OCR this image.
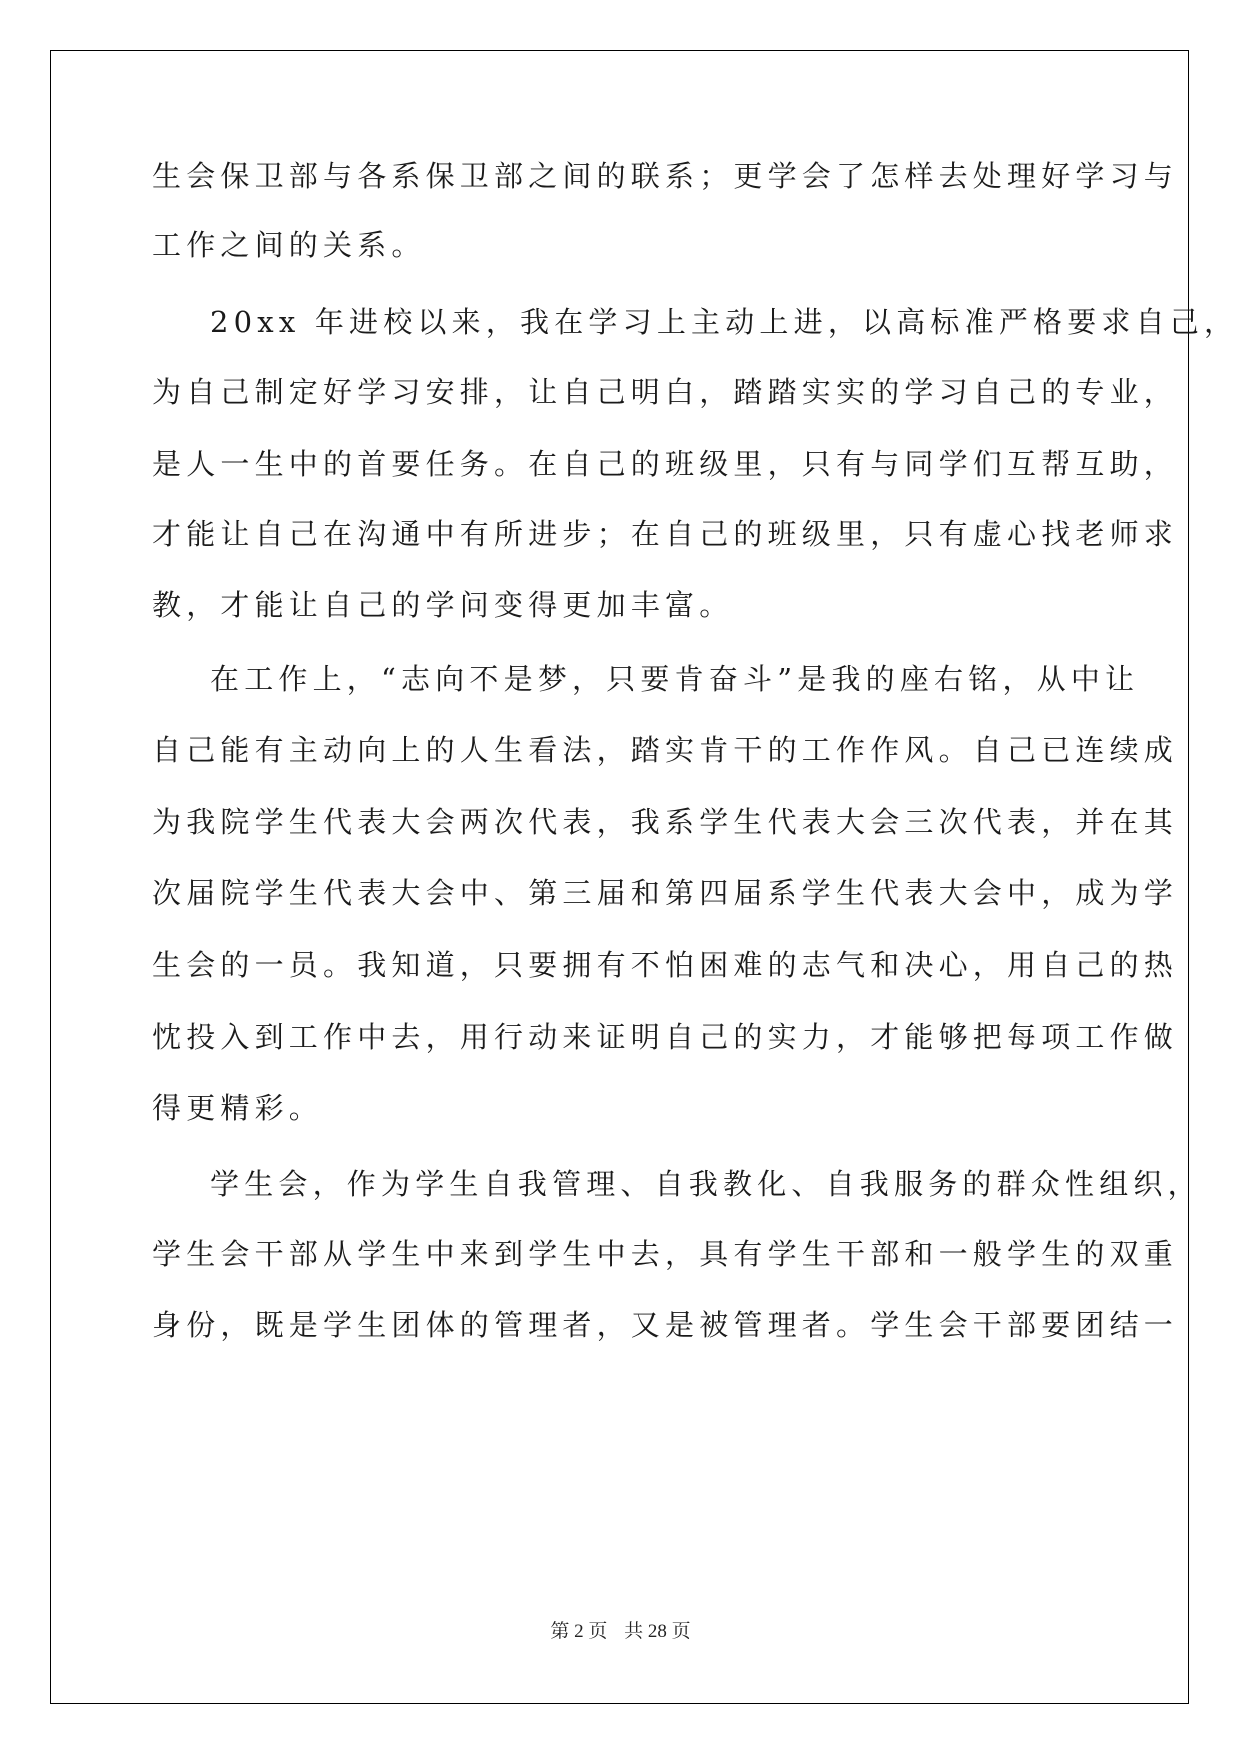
生会保卫部与各系保卫部之间的联系；更学会了怎样去处理好学习与
工作之间的关系。
20xx 年进校以来，我在学习上主动上进，以高标准严格要求自己，
为自己制定好学习安排，让自己明白，踏踏实实的学习自己的专业，
是人一生中的首要任务。在自己的班级里，只有与同学们互帮互助，
才能让自己在沟通中有所进步；在自己的班级里，只有虚心找老师求
教，才能让自己的学问变得更加丰富。
在工作上，“志向不是梦，只要肯奋斗”是我的座右铭，从中让
自己能有主动向上的人生看法，踏实肯干的工作作风。自己已连续成
为我院学生代表大会两次代表，我系学生代表大会三次代表，并在其
次届院学生代表大会中、第三届和第四届系学生代表大会中，成为学
生会的一员。我知道，只要拥有不怕困难的志气和决心，用自己的热
忱投入到工作中去，用行动来证明自己的实力，才能够把每项工作做
得更精彩。
学生会，作为学生自我管理、自我教化、自我服务的群众性组织，
学生会干部从学生中来到学生中去，具有学生干部和一般学生的双重
身份，既是学生团体的管理者，又是被管理者。学生会干部要团结一
第 2 页 共 28 页
